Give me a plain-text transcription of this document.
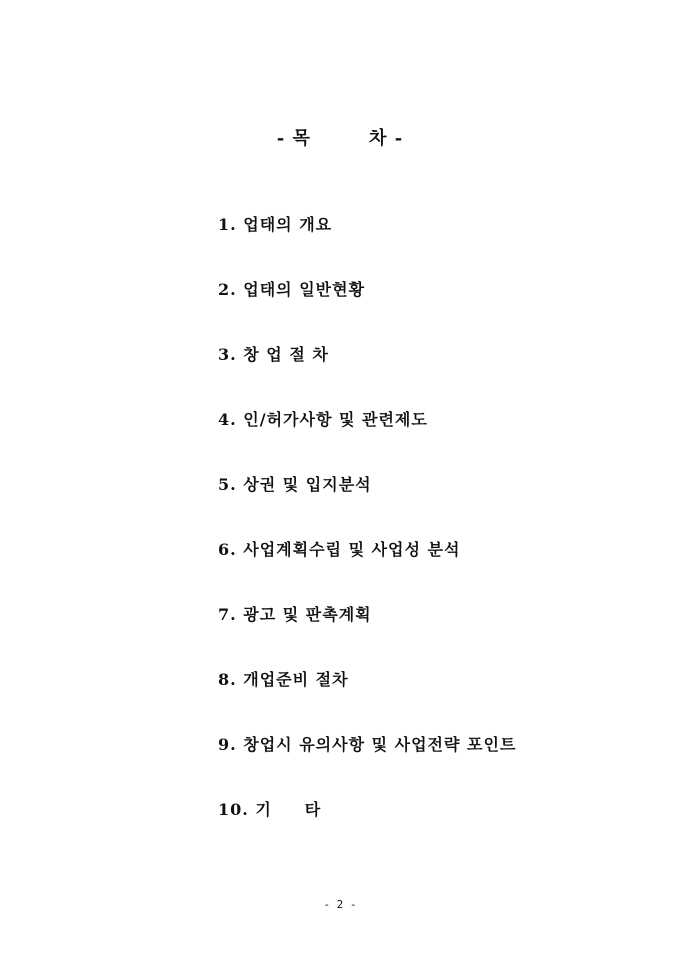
- 목        차 -
1. 업태의 개요
2. 업태의 일반현황
3. 창 업 절 차
4. 인/허가사항 및 관련제도
5. 상권 및 입지분석
6. 사업계획수립 및 사업성 분석
7. 광고 및 판촉계획
8. 개업준비 절차
9. 창업시 유의사항 및 사업전략 포인트
10. 기     타
- 2 -
